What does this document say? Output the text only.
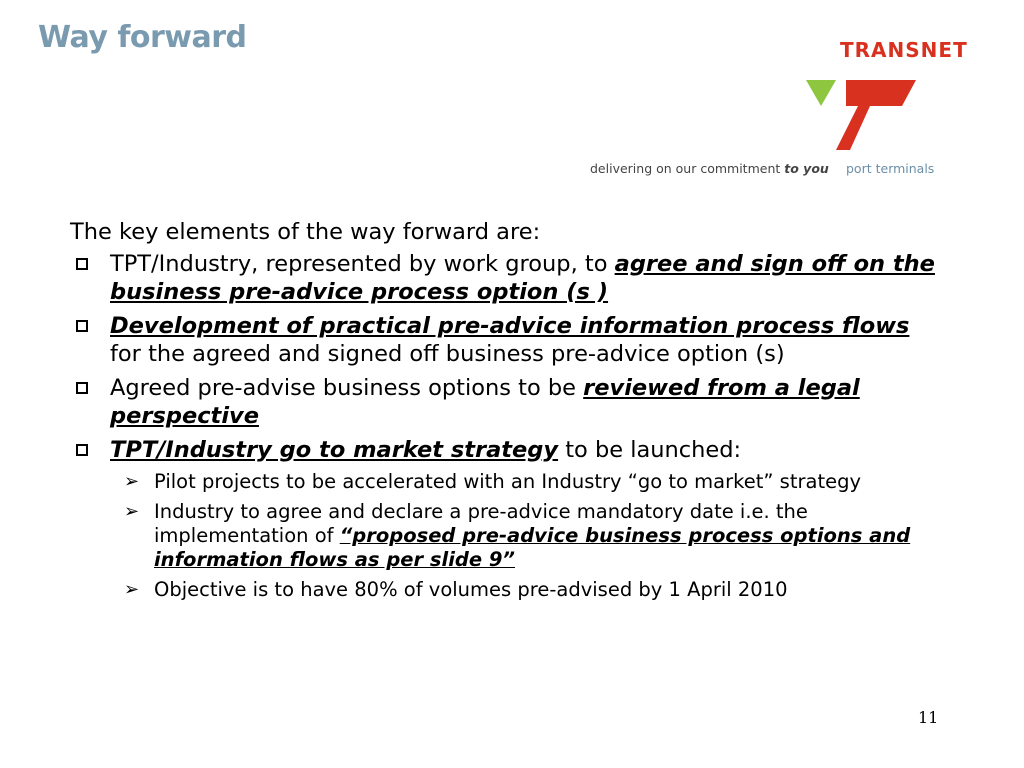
Way forward	TRANSNET
delivering on our commitment to you port terminals

The key elements of the way forward are:

TPT/Industry, represented by work group, to agree and sign off on the business pre-advice process option (s )
Development of practical pre-advice information process flows for the agreed and signed off business pre-advice option (s)
Agreed pre-advise business options to be reviewed from a legal perspective
TPT/Industry go to market strategy to be launched:
➢ Pilot projects to be accelerated with an Industry “go to market” strategy
➢ Industry to agree and declare a pre-advice mandatory date i.e. the implementation of “proposed pre-advice business process options and information flows as per slide 9”
➢ Objective is to have 80% of volumes pre-advised by 1 April 2010
11
